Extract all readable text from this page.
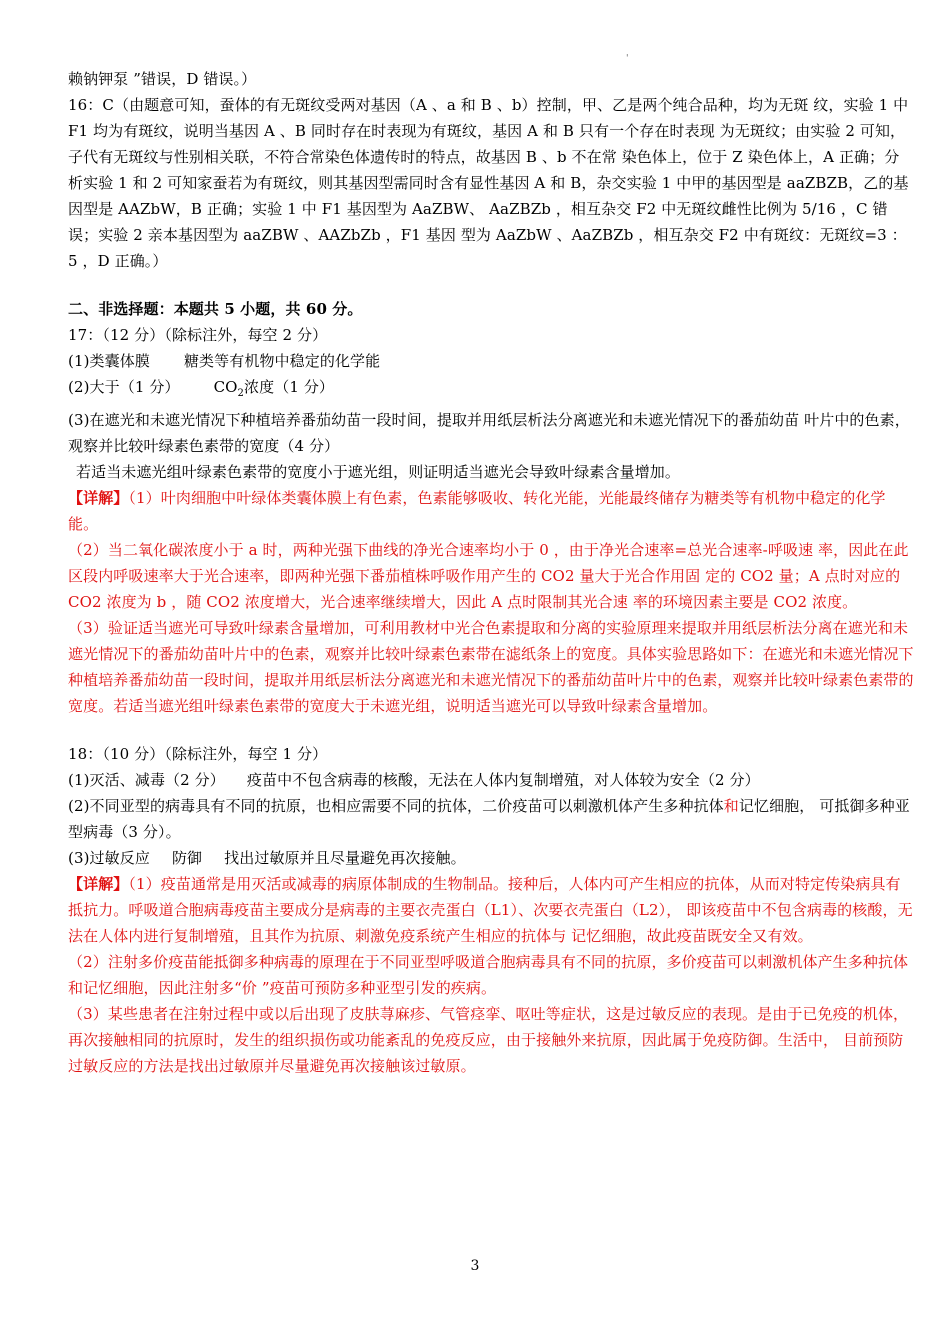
'

赖钠钾泵 ”错误，D 错误。）

16：C（由题意可知，蚕体的有无斑纹受两对基因（A 、a 和 B 、b）控制，甲、乙是两个纯合品种，均为无斑 纹，实验 1 中 F1 均为有斑纹，说明当基因 A 、B 同时存在时表现为有斑纹，基因 A 和 B 只有一个存在时表现 为无斑纹；由实验 2 可知，子代有无斑纹与性别相关联，不符合常染色体遗传时的特点，故基因 B 、b 不在常 染色体上，位于 Z 染色体上，A 正确；分析实验 1 和 2 可知家蚕若为有斑纹，则其基因型需同时含有显性基因 A 和 B，杂交实验 1 中甲的基因型是 aaZBZB，乙的基因型是 AAZbW，B 正确；实验 1 中 F1 基因型为 AaZBW、 AaZBZb ，相互杂交 F2 中无斑纹雌性比例为 5/16 ，C 错误；实验 2 亲本基因型为 aaZBW 、AAZbZb ，F1 基因 型为 AaZbW 、AaZBZb ，相互杂交 F2 中有斑纹：无斑纹=3 ：5 ，D 正确。）

二、非选择题：本题共 5 小题，共 60 分。

17：（12 分）（除标注外，每空 2 分）

(1)类囊体膜 糖类等有机物中稳定的化学能

(2)大于（1 分） $CO_2$浓度（1 分）

(3)在遮光和未遮光情况下种植培养番茄幼苗一段时间，提取并用纸层析法分离遮光和未遮光情况下的番茄幼苗 叶片中的色素，观察并比较叶绿素色素带的宽度（4 分）

若适当未遮光组叶绿素色素带的宽度小于遮光组，则证明适当遮光会导致叶绿素含量增加。

【详解】（1）叶肉细胞中叶绿体类囊体膜上有色素，色素能够吸收、转化光能，光能最终储存为糖类等有机物中稳定的化学能。

（2）当二氧化碳浓度小于 a 时，两种光强下曲线的净光合速率均小于 0 ，由于净光合速率=总光合速率-呼吸速 率，因此在此区段内呼吸速率大于光合速率，即两种光强下番茄植株呼吸作用产生的 CO2 量大于光合作用固 定的 CO2 量；A 点时对应的 CO2 浓度为 b ，随 CO2 浓度增大，光合速率继续增大，因此 A 点时限制其光合速 率的环境因素主要是 CO2 浓度。

（3）验证适当遮光可导致叶绿素含量增加，可利用教材中光合色素提取和分离的实验原理来提取并用纸层析法分离在遮光和未遮光情况下的番茄幼苗叶片中的色素，观察并比较叶绿素色素带在滤纸条上的宽度。具体实验思路如下：在遮光和未遮光情况下种植培养番茄幼苗一段时间，提取并用纸层析法分离遮光和未遮光情况下的番茄幼苗叶片中的色素，观察并比较叶绿素色素带的宽度。若适当遮光组叶绿素色素带的宽度大于未遮光组，说明适当遮光可以导致叶绿素含量增加。

18：（10 分）（除标注外，每空 1 分）

(1)灭活、减毒（2 分） 疫苗中不包含病毒的核酸，无法在人体内复制增殖，对人体较为安全（2 分）

(2)不同亚型的病毒具有不同的抗原，也相应需要不同的抗体，二价疫苗可以刺激机体产生多种抗体和记忆细胞， 可抵御多种亚型病毒（3 分）。

(3)过敏反应 防御 找出过敏原并且尽量避免再次接触。

【详解】（1）疫苗通常是用灭活或减毒的病原体制成的生物制品。接种后，人体内可产生相应的抗体，从而对特定传染病具有抵抗力。呼吸道合胞病毒疫苗主要成分是病毒的主要衣壳蛋白（L1）、次要衣壳蛋白（L2）， 即该疫苗中不包含病毒的核酸，无法在人体内进行复制增殖，且其作为抗原、刺激免疫系统产生相应的抗体与 记忆细胞，故此疫苗既安全又有效。

（2）注射多价疫苗能抵御多种病毒的原理在于不同亚型呼吸道合胞病毒具有不同的抗原，多价疫苗可以刺激机体产生多种抗体和记忆细胞，因此注射多“价 ”疫苗可预防多种亚型引发的疾病。

（3）某些患者在注射过程中或以后出现了皮肤荨麻疹、气管痉挛、呕吐等症状，这是过敏反应的表现。是由于已免疫的机体，再次接触相同的抗原时，发生的组织损伤或功能紊乱的免疫反应，由于接触外来抗原，因此属于免疫防御。生活中， 目前预防过敏反应的方法是找出过敏原并尽量避免再次接触该过敏原。

3
